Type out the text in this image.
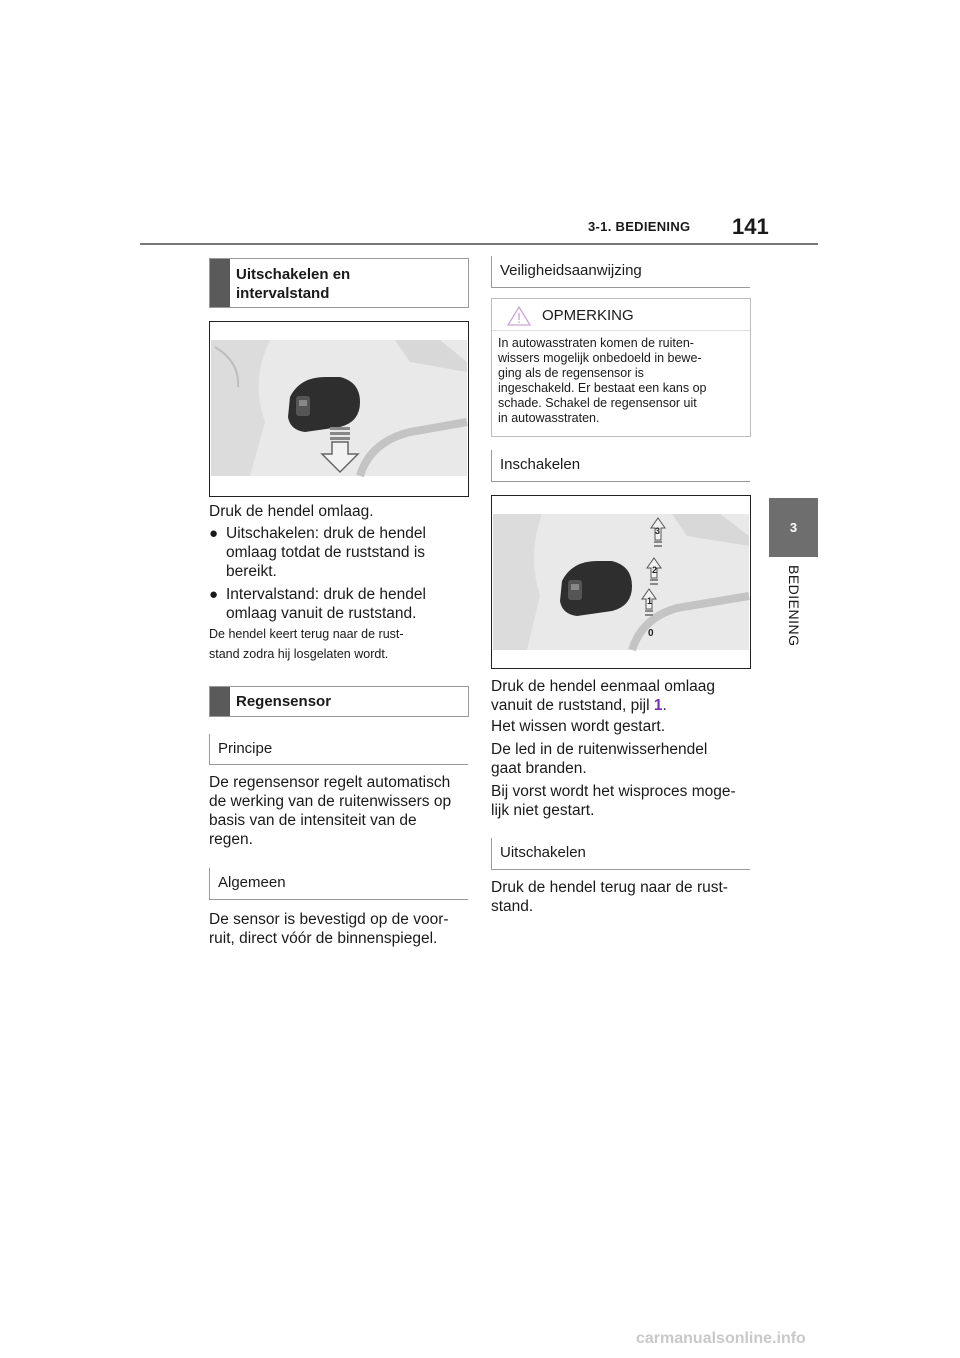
3-1. BEDIENING 141
3
BEDIENING
Uitschakelen en
intervalstand
Druk de hendel omlaag.
● Uitschakelen: druk de hendel
omlaag totdat de ruststand is
bereikt.
● Intervalstand: druk de hendel
omlaag vanuit de ruststand.
De hendel keert terug naar de rust-
stand zodra hij losgelaten wordt.
Regensensor
Principe
De regensensor regelt automatisch
de werking van de ruitenwissers op
basis van de intensiteit van de
regen.
Algemeen
De sensor is bevestigd op de voor-
ruit, direct vóór de binnenspiegel.
Veiligheidsaanwijzing
OPMERKING
In autowasstraten komen de ruiten-
wissers mogelijk onbedoeld in bewe-
ging als de regensensor is
ingeschakeld. Er bestaat een kans op
schade. Schakel de regensensor uit
in autowasstraten.
Inschakelen
3
2
1
0
Druk de hendel eenmaal omlaag
vanuit de ruststand, pijl 1.
Het wissen wordt gestart.
De led in de ruitenwisserhendel
gaat branden.
Bij vorst wordt het wisproces moge-
lijk niet gestart.
Uitschakelen
Druk de hendel terug naar de rust-
stand.
carmanualsonline.info
